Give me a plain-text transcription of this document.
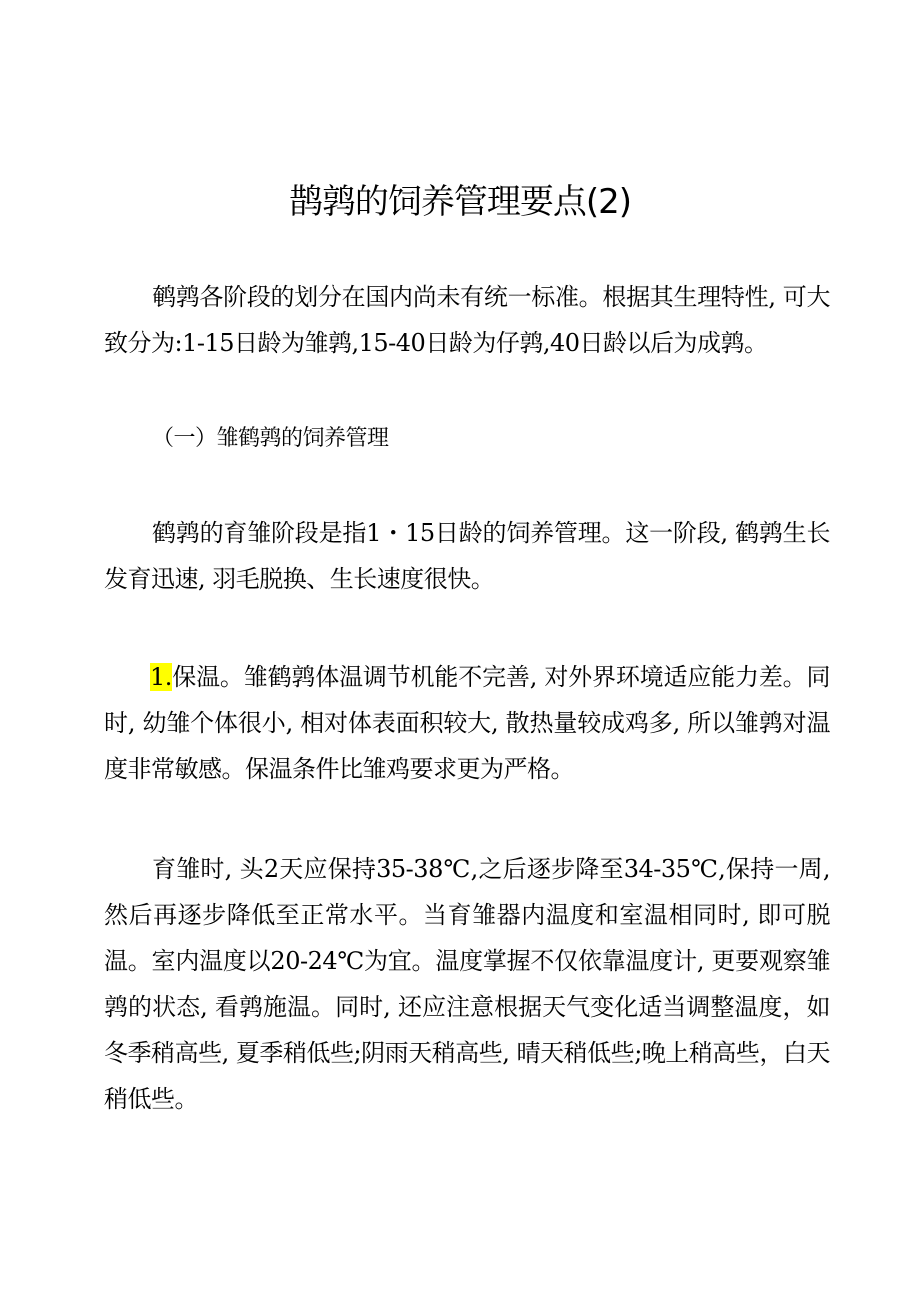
鹊鹑的饲养管理要点(2)

鹌鹑各阶段的划分在国内尚未有统一标准。根据其生理特性, 可大致分为:1-15日龄为雏鹑,15-40日龄为仔鹑,40日龄以后为成鹑。

（一）雏鹤鹑的饲养管理

鹤鹑的育雏阶段是指1・15日龄的饲养管理。这一阶段, 鹤鹑生长发育迅速, 羽毛脱换、生长速度很快。

1.保温。雏鹤鹑体温调节机能不完善, 对外界环境适应能力差。同时, 幼雏个体很小, 相对体表面积较大, 散热量较成鸡多, 所以雏鹑对温度非常敏感。保温条件比雏鸡要求更为严格。

育雏时, 头2天应保持35-38℃,之后逐步降至34-35℃,保持一周, 然后再逐步降低至正常水平。当育雏器内温度和室温相同时, 即可脱温。室内温度以20-24℃为宜。温度掌握不仅依靠温度计, 更要观察雏鹑的状态, 看鹑施温。同时, 还应注意根据天气变化适当调整温度，如冬季稍高些, 夏季稍低些;阴雨天稍高些, 晴天稍低些;晚上稍高些，白天稍低些。
